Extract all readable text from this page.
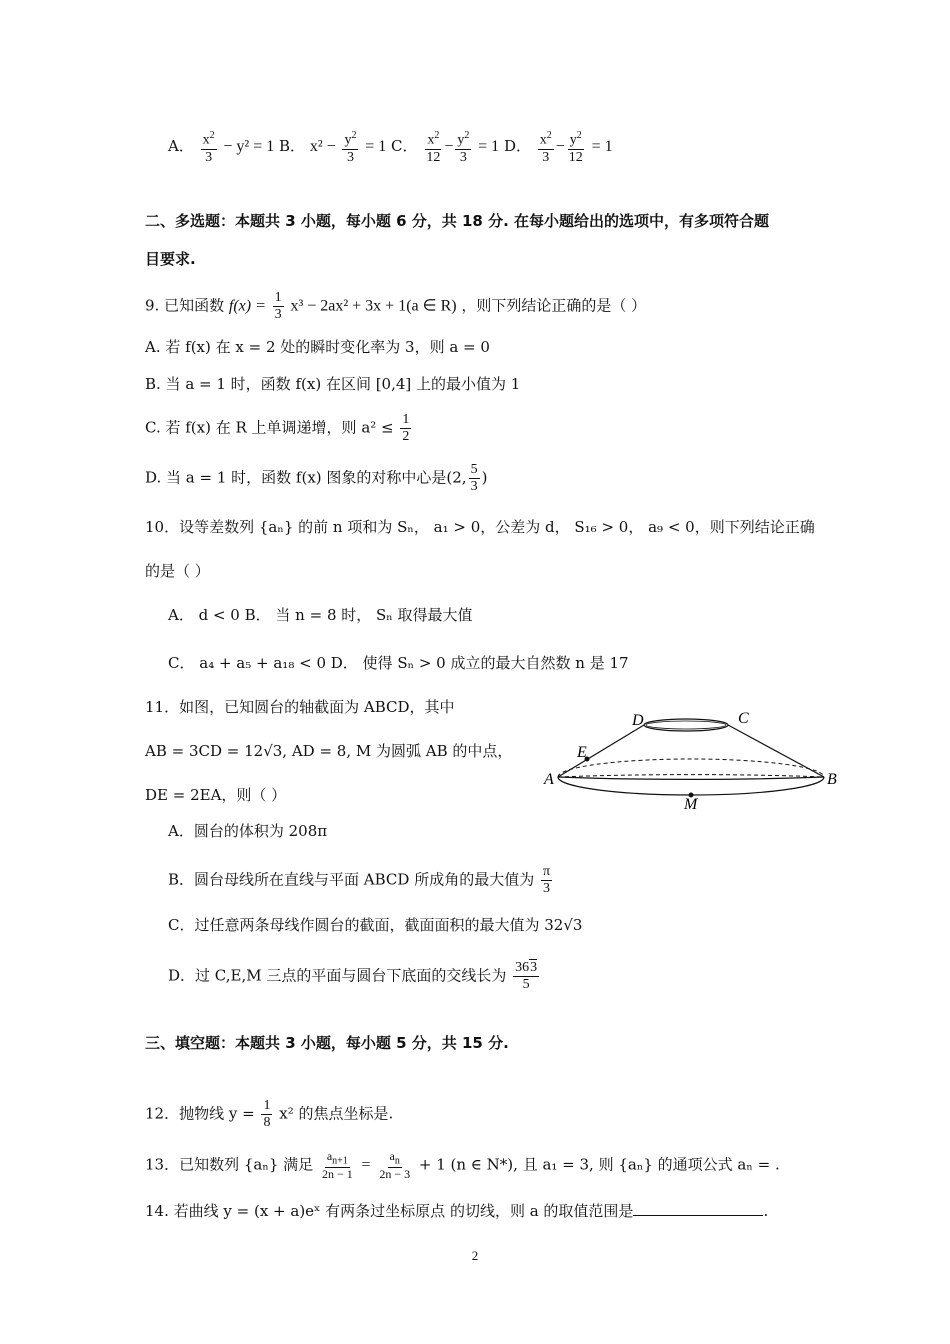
A． $\frac{x^2}{3} - y^2 = 1$ B． $x^2 - \frac{y^2}{3} = 1$ C． $\frac{x^2}{12} - \frac{y^2}{3} = 1$ D． $\frac{x^2}{3} - \frac{y^2}{12} = 1$
二、多选题：本题共 3 小题，每小题 6 分，共 18 分. 在每小题给出的选项中，有多项符合题
目要求.
9. 已知函数 $f(x) = \frac{1}{3} x^3 - 2ax^2 + 3x + 1(a$ ∈ R) ，则下列结论正确的是（ ）
A. 若 f(x) 在 x = 2 处的瞬时变化率为 3，则 a = 0
B. 当 a = 1 时，函数 f(x) 在区间 [0,4] 上的最小值为 1
C. 若 f(x) 在 R 上单调递增，则 $a^2 \le \frac{1}{2}$
D. 当 a = 1 时，函数 f(x) 图象的对称中心是(2, $\frac{5}{3}$ )
10．设等差数列 {aₙ} 的前 n 项和为 Sₙ， a₁ > 0，公差为 d， S₁₆ > 0， a₉ < 0，则下列结论正确
的是（ ）
A． d < 0 B． 当 n = 8 时， Sₙ 取得最大值
C． a₄ + a₅ + a₁₈ < 0 D． 使得 Sₙ > 0 成立的最大自然数 n 是 17
11．如图，已知圆台的轴截面为 ABCD，其中
AB = 3CD = 12√3, AD = 8, M 为圆弧 AB 的中点，
DE = 2EA，则（ ）
A．圆台的体积为 208π
B．圆台母线所在直线与平面 ABCD 所成角的最大值为 $\frac{\pi}{3}$
C．过任意两条母线作圆台的截面，截面面积的最大值为 32√3
D．过 C,E,M 三点的平面与圆台下底面的交线长为 $\frac{363}{5}$
D	C
E
A	B
M
三、填空题：本题共 3 小题，每小题 5 分，共 15 分.
12．抛物线 $y = \frac{1}{8} x^2$ 的焦点坐标是.
13．已知数列 {aₙ} 满足 $\frac{a_{n+1}}{2n - 1} = \frac{a_n}{2n - 3} + 1$ (n ∈ N*), 且 a₁ = 3, 则 {aₙ} 的通项公式 aₙ = .
14. 若曲线 y = (x + a)eˣ 有两条过坐标原点 的切线，则 a 的取值范围是	.
2
